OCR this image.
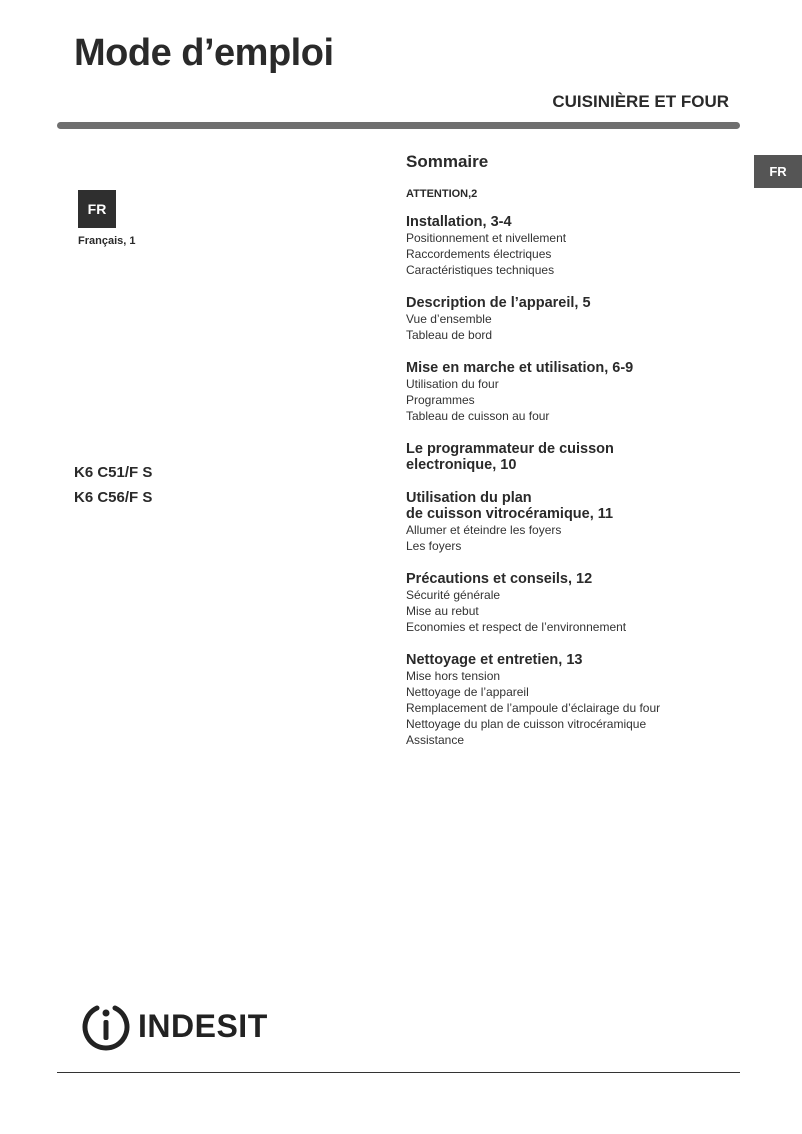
Mode d’emploi
CUISINIÈRE ET FOUR
FR
FR
Français, 1
K6 C51/F S
K6 C56/F S
Sommaire
ATTENTION,2
Installation, 3-4
Positionnement et nivellement
Raccordements électriques
Caractéristiques techniques
Description de l’appareil, 5
Vue d’ensemble
Tableau de bord
Mise en marche et utilisation, 6-9
Utilisation du four
Programmes
Tableau de cuisson au four
Le programmateur de cuisson
electronique, 10
Utilisation du plan
de cuisson vitrocéramique, 11
Allumer et éteindre les foyers
Les foyers
Précautions et conseils, 12
Sécurité générale
Mise au rebut
Economies et respect de l’environnement
Nettoyage et entretien, 13
Mise hors tension
Nettoyage de l’appareil
Remplacement de l’ampoule d’éclairage du four
Nettoyage du plan de cuisson vitrocéramique
Assistance
INDESIT
